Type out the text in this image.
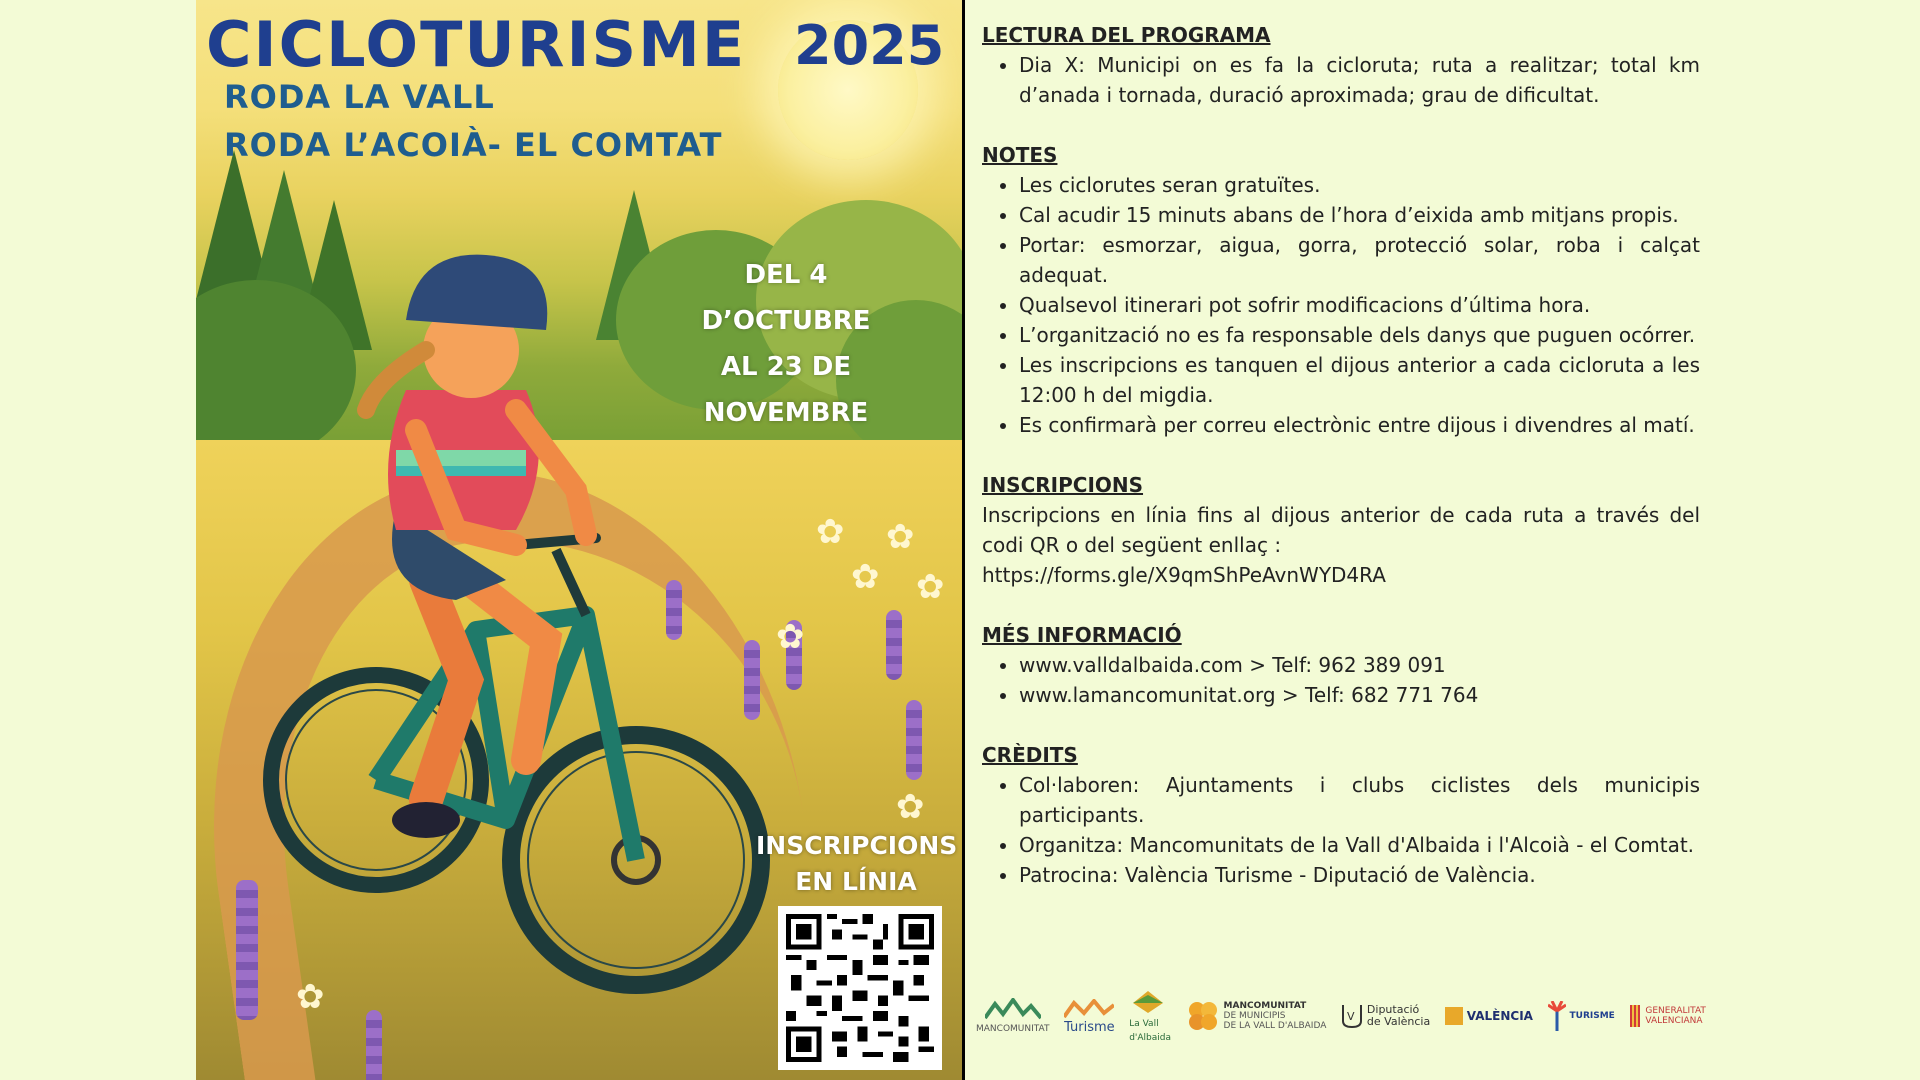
✿ ✿
✿ ✿
✿
✿
✿
CICLOTURISME 2025
RODA LA VALL
RODA L’ACOIÀ- EL COMTAT
DEL 4 D’OCTUBRE
AL 23 DE
NOVEMBRE
INSCRIPCIONS
EN LÍNIA

LECTURA DEL PROGRAMA

• Dia X: Municipi on es fa la cicloruta; ruta a realitzar; total km d’anada i tornada, duració aproximada; grau de dificultat.

NOTES

• Les ciclorutes seran gratuïtes.
• Cal acudir 15 minuts abans de l’hora d’eixida amb mitjans propis.
• Portar: esmorzar, aigua, gorra, protecció solar, roba i calçat adequat.
• Qualsevol itinerari pot sofrir modificacions d’última hora.
• L’organització no es fa responsable dels danys que puguen ocórrer.
• Les inscripcions es tanquen el dijous anterior a cada cicloruta a les 12:00 h del migdia.
• Es confirmarà per correu electrònic entre dijous i divendres al matí.

INSCRIPCIONS

Inscripcions en línia fins al dijous anterior de cada ruta a través del codi QR o del següent enllaç :

https://forms.gle/X9qmShPeAvnWYD4RA

MÉS INFORMACIÓ

• www.valldalbaida.com > Telf: 962 389 091
• www.lamancomunitat.org > Telf: 682 771 764

CRÈDITS

• Col·laboren: Ajuntaments i clubs ciclistes dels municipis participants.
• Organitza: Mancomunitats de la Vall d'Albaida i l'Alcoià - el Comtat.
• Patrocina: València Turisme - Diputació de València.
MANCOMUNITAT Turisme La Vall
d'Albaida
MANCOMUNITAT
DE MUNICIPIS
DE LA VALL D'ALBAIDA
V
Diputació
de València	VALÈNCIA	TURISME	GENERALITAT
VALENCIANA
